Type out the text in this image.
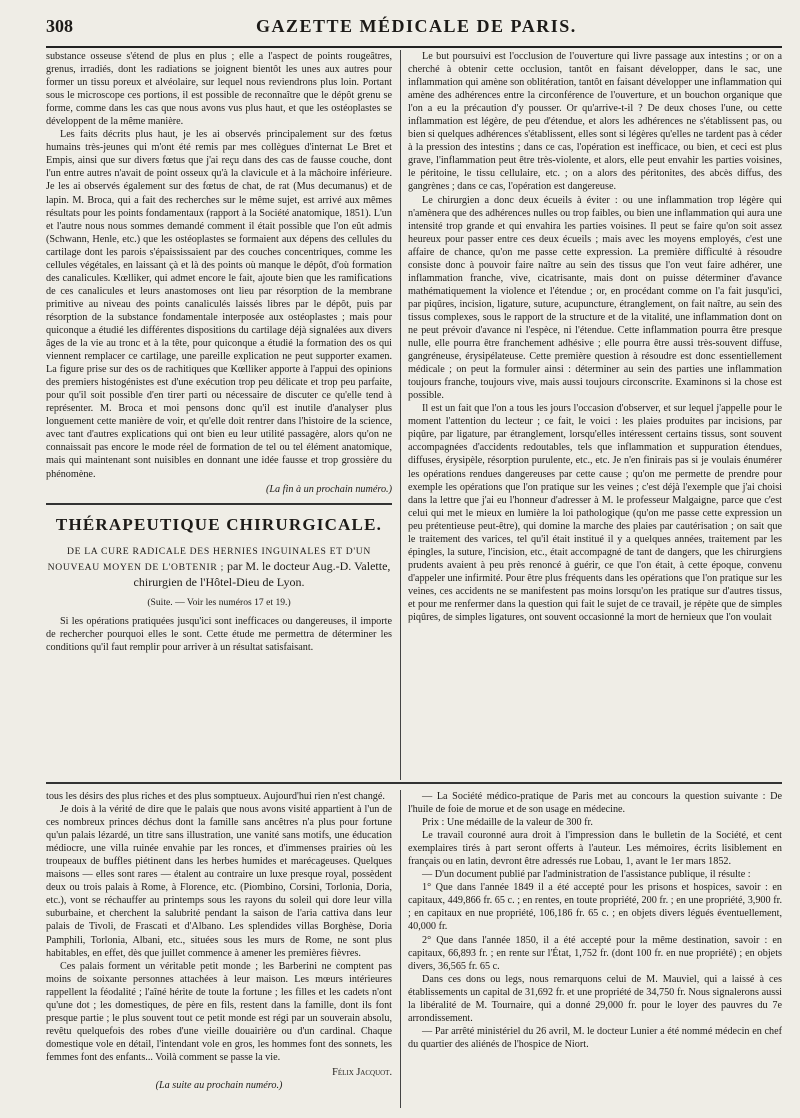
308	GAZETTE MÉDICALE DE PARIS.

substance osseuse s'étend de plus en plus ; elle a l'aspect de points rougeâtres, grenus, irradiés, dont les radiations se joignent bientôt les unes aux autres pour former un tissu poreux et alvéolaire, sur lequel nous reviendrons plus loin. Portant sous le microscope ces portions, il est possible de reconnaître que le dépôt grenu se forme, comme dans les cas que nous avons vus plus haut, et que les ostéoplastes se développent de la même manière.

Les faits décrits plus haut, je les ai observés principalement sur des fœtus humains très-jeunes qui m'ont été remis par mes collègues d'internat Le Bret et Empis, ainsi que sur divers fœtus que j'ai reçu dans des cas de fausse couche, dont l'un entre autres n'avait de point osseux qu'à la clavicule et à la mâchoire inférieure. Je les ai observés également sur des fœtus de chat, de rat (Mus decumanus) et de lapin. M. Broca, qui a fait des recherches sur le même sujet, est arrivé aux mêmes résultats pour les points fondamentaux (rapport à la Société anatomique, 1851). L'un et l'autre nous nous sommes demandé comment il était possible que l'on eût admis (Schwann, Henle, etc.) que les ostéoplastes se formaient aux dépens des cellules du cartilage dont les parois s'épaississaient par des couches concentriques, comme les cellules végétales, en laissant çà et là des points où manque le dépôt, d'où formation des canalicules. Kœlliker, qui admet encore le fait, ajoute bien que les ramifications de ces canalicules et leurs anastomoses ont lieu par résorption de la membrane primitive au niveau des points canaliculés laissés libres par le dépôt, puis par résorption de la substance fondamentale interposée aux ostéoplastes ; mais pour quiconque a étudié les différentes dispositions du cartilage déjà signalées aux divers âges de la vie au tronc et à la tête, pour quiconque a étudié la formation des os qui viennent remplacer ce cartilage, une pareille explication ne peut supporter examen. La figure prise sur des os de rachitiques que Kœlliker apporte à l'appui des opinions des premiers histogénistes est d'une exécution trop peu délicate et trop peu parfaite, pour qu'il soit possible d'en tirer parti ou nécessaire de discuter ce qu'elle tend à représenter. M. Broca et moi pensons donc qu'il est inutile d'analyser plus longuement cette manière de voir, et qu'elle doit rentrer dans l'histoire de la science, avec tant d'autres explications qui ont bien eu leur utilité passagère, alors qu'on ne connaissait pas encore le mode réel de formation de tel ou tel élément anatomique, mais qui maintenant sont nuisibles en donnant une idée fausse et trop grossière du phénomène.

(La fin à un prochain numéro.)

THÉRAPEUTIQUE CHIRURGICALE.
DE LA CURE RADICALE DES HERNIES INGUINALES ET D'UN NOUVEAU MOYEN DE L'OBTENIR ; par M. le docteur Aug.-D. Valette, chirurgien de l'Hôtel-Dieu de Lyon.

(Suite. — Voir les numéros 17 et 19.)

Si les opérations pratiquées jusqu'ici sont inefficaces ou dangereuses, il importe de rechercher pourquoi elles le sont. Cette étude me permettra de déterminer les conditions qu'il faut remplir pour arriver à un résultat satisfaisant.

Le but poursuivi est l'occlusion de l'ouverture qui livre passage aux intestins ; or on a cherché à obtenir cette occlusion, tantôt en faisant développer, dans le sac, une inflammation qui amène son oblitération, tantôt en faisant développer une inflammation qui amène des adhérences entre la circonférence de l'ouverture, et un bouchon organique que l'on a eu la précaution d'y pousser. Or qu'arrive-t-il ? De deux choses l'une, ou cette inflammation est légère, de peu d'étendue, et alors les adhérences ne s'établissent pas, ou bien si quelques adhérences s'établissent, elles sont si légères qu'elles ne tardent pas à céder à la pression des intestins ; dans ce cas, l'opération est inefficace, ou bien, et ceci est plus grave, l'inflammation peut être très-violente, et alors, elle peut envahir les parties voisines, le péritoine, le tissu cellulaire, etc. ; on a alors des péritonites, des abcès diffus, des gangrènes ; dans ce cas, l'opération est dangereuse.

Le chirurgien a donc deux écueils à éviter : ou une inflammation trop légère qui n'amènera que des adhérences nulles ou trop faibles, ou bien une inflammation qui aura une intensité trop grande et qui envahira les parties voisines. Il peut se faire qu'on soit assez heureux pour passer entre ces deux écueils ; mais avec les moyens employés, c'est une affaire de chance, qu'on me passe cette expression. La première difficulté à résoudre consiste donc à pouvoir faire naître au sein des tissus que l'on veut faire adhérer, une inflammation franche, vive, cicatrisante, mais dont on puisse déterminer d'avance mathématiquement la violence et l'étendue ; or, en procédant comme on l'a fait jusqu'ici, par piqûres, incision, ligature, suture, acupuncture, étranglement, on fait naître, au sein des tissus complexes, sous le rapport de la structure et de la vitalité, une inflammation dont on ne peut prévoir d'avance ni l'espèce, ni l'étendue. Cette inflammation pourra être presque nulle, elle pourra être franchement adhésive ; elle pourra être aussi très-souvent diffuse, gangréneuse, érysipélateuse. Cette première question à résoudre est donc essentiellement médicale ; on peut la formuler ainsi : déterminer au sein des parties une inflammation toujours franche, toujours vive, mais aussi toujours circonscrite. Examinons si la chose est possible.

Il est un fait que l'on a tous les jours l'occasion d'observer, et sur lequel j'appelle pour le moment l'attention du lecteur ; ce fait, le voici : les plaies produites par incisions, par piqûre, par ligature, par étranglement, lorsqu'elles intéressent certains tissus, sont souvent accompagnées d'accidents redoutables, tels que inflammation et suppuration étendues, diffuses, érysipèle, résorption purulente, etc., etc. Je n'en finirais pas si je voulais énumérer les opérations rendues dangereuses par cette cause ; qu'on me permette de prendre pour exemple les opérations que l'on pratique sur les veines ; c'est déjà l'exemple que j'ai choisi dans la lettre que j'ai eu l'honneur d'adresser à M. le professeur Malgaigne, parce que c'est celui qui met le mieux en lumière la loi pathologique (qu'on me passe cette expression un peu prétentieuse peut-être), qui domine la marche des plaies par cautérisation ; on sait que le traitement des varices, tel qu'il était institué il y a quelques années, traitement par les épingles, la suture, l'incision, etc., était accompagné de tant de dangers, que les chirurgiens prudents avaient à peu près renoncé à guérir, ce que l'on était, à cette époque, convenu d'appeler une infirmité. Pour être plus fréquents dans les opérations que l'on pratique sur les veines, ces accidents ne se manifestent pas moins lorsqu'on les pratique sur d'autres tissus, et pour me renfermer dans la question qui fait le sujet de ce travail, je répète que de simples piqûres, de simples ligatures, ont souvent occasionné la mort de hernieux que l'on voulait

tous les désirs des plus riches et des plus somptueux. Aujourd'hui rien n'est changé.

Je dois à la vérité de dire que le palais que nous avons visité appartient à l'un de ces nombreux princes déchus dont la famille sans ancêtres n'a plus pour fortune qu'un palais lézardé, un titre sans illustration, une vanité sans motifs, une éducation médiocre, une villa ruinée envahie par les ronces, et d'immenses prairies où les troupeaux de buffles piétinent dans les herbes humides et marécageuses. Quelques maisons — elles sont rares — étalent au contraire un luxe presque royal, possèdent deux ou trois palais à Rome, à Florence, etc. (Piombino, Corsini, Torlonia, Doria, etc.), vont se réchauffer au printemps sous les rayons du soleil qui dore leur villa suburbaine, et cherchent la salubrité pendant la saison de l'aria cattiva dans leur palais de Tivoli, de Frascati et d'Albano. Les splendides villas Borghèse, Doria Pamphili, Torlonia, Albani, etc., situées sous les murs de Rome, ne sont plus habitables, en effet, dès que juillet commence à amener les premières fièvres.

Ces palais forment un véritable petit monde ; les Barberini ne comptent pas moins de soixante personnes attachées à leur maison. Les mœurs intérieures rappellent la féodalité ; l'aîné hérite de toute la fortune ; les filles et les cadets n'ont qu'une dot ; les domestiques, de père en fils, restent dans la famille, dont ils font presque partie ; le plus souvent tout ce petit monde est régi par un souverain absolu, revêtu quelquefois des robes d'une vieille douairière ou d'un cardinal. Chaque domestique vole en détail, l'intendant vole en gros, les hommes font des sonnets, les femmes font des enfants... Voilà comment se passe la vie.

Félix Jacquot.

(La suite au prochain numéro.)

— La Société médico-pratique de Paris met au concours la question suivante : De l'huile de foie de morue et de son usage en médecine.

Prix : Une médaille de la valeur de 300 fr.

Le travail couronné aura droit à l'impression dans le bulletin de la Société, et cent exemplaires tirés à part seront offerts à l'auteur. Les mémoires, écrits lisiblement en français ou en latin, devront être adressés rue Lobau, 1, avant le 1er mars 1852.

— D'un document publié par l'administration de l'assistance publique, il résulte :

1° Que dans l'année 1849 il a été accepté pour les prisons et hospices, savoir : en capitaux, 449,866 fr. 65 c. ; en rentes, en toute propriété, 200 fr. ; en une propriété, 3,900 fr. ; en capitaux en nue propriété, 106,186 fr. 65 c. ; en objets divers légués éventuellement, 40,000 fr.

2° Que dans l'année 1850, il a été accepté pour la même destination, savoir : en capitaux, 66,893 fr. ; en rente sur l'État, 1,752 fr. (dont 100 fr. en nue propriété) ; en objets divers, 36,565 fr. 65 c.

Dans ces dons ou legs, nous remarquons celui de M. Mauviel, qui a laissé à ces établissements un capital de 31,692 fr. et une propriété de 34,750 fr. Nous signalerons aussi la libéralité de M. Tournaire, qui a donné 29,000 fr. pour le loyer des pauvres du 7e arrondissement.

— Par arrêté ministériel du 26 avril, M. le docteur Lunier a été nommé médecin en chef du quartier des aliénés de l'hospice de Niort.
